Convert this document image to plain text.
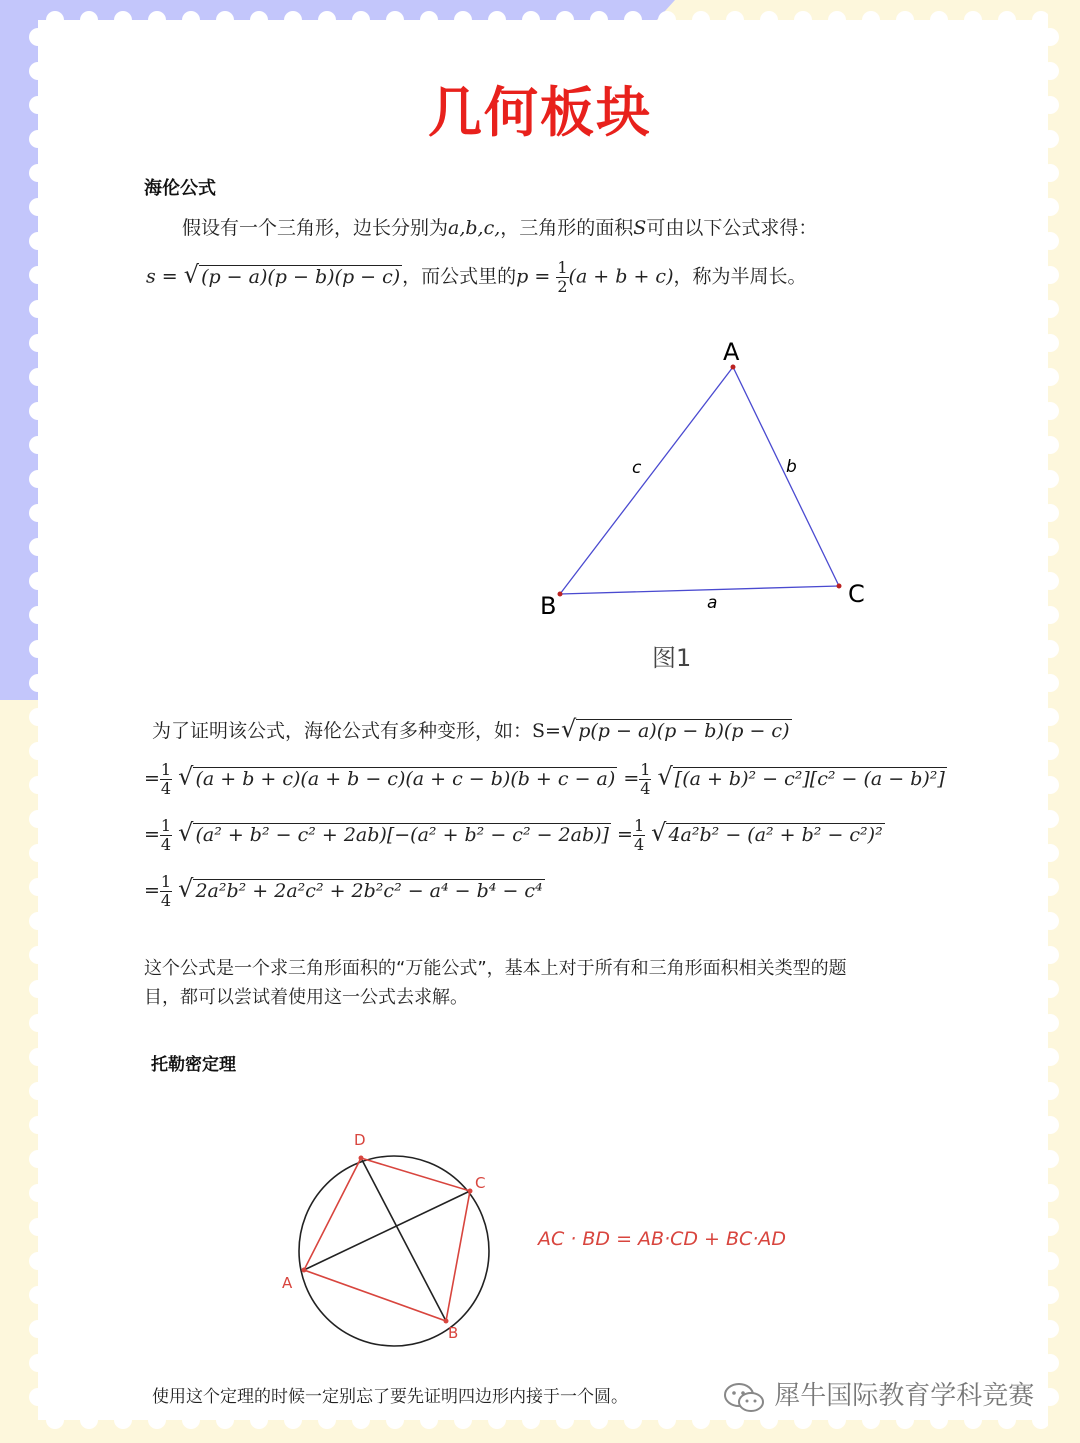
几何板块
海伦公式
假设有一个三角形，边长分别为a,b,c,，三角形的面积S可由以下公式求得：
s = √ (p − a)(p − b)(p − c) ，而公式里的$p = \frac{1}{2} (a + b + c)$，称为半周长。
A
B	C
a
b
c
图1
为了证明该公式，海伦公式有多种变形，如：S=√ p(p − a)(p − b)(p − c)
= $\frac{1}{4}$ √ $(a + b + c)(a + b - c)(a + c - b)(b + c - a) = \frac{1}{4}$ √ [(a + b)² − c²][c² − (a − b)²]
= $\frac{1}{4}$ √ $(a^2 + b^2 - c^2 + 2ab)[-(a^2 + b^2 - c^2 - 2ab)] = \frac{1}{4}$ √ 4a²b² − (a² + b² − c²)²
= $\frac{1}{4}$ √ 2a²b² + 2a²c² + 2b²c² − a⁴ − b⁴ − c⁴
这个公式是一个求三角形面积的“万能公式”，基本上对于所有和三角形面积相关类型的题
目，都可以尝试着使用这一公式去求解。
托勒密定理
D
C
B
A
AC · BD = AB·CD + BC·AD
使用这个定理的时候一定别忘了要先证明四边形内接于一个圆。	犀牛国际教育学科竞赛
